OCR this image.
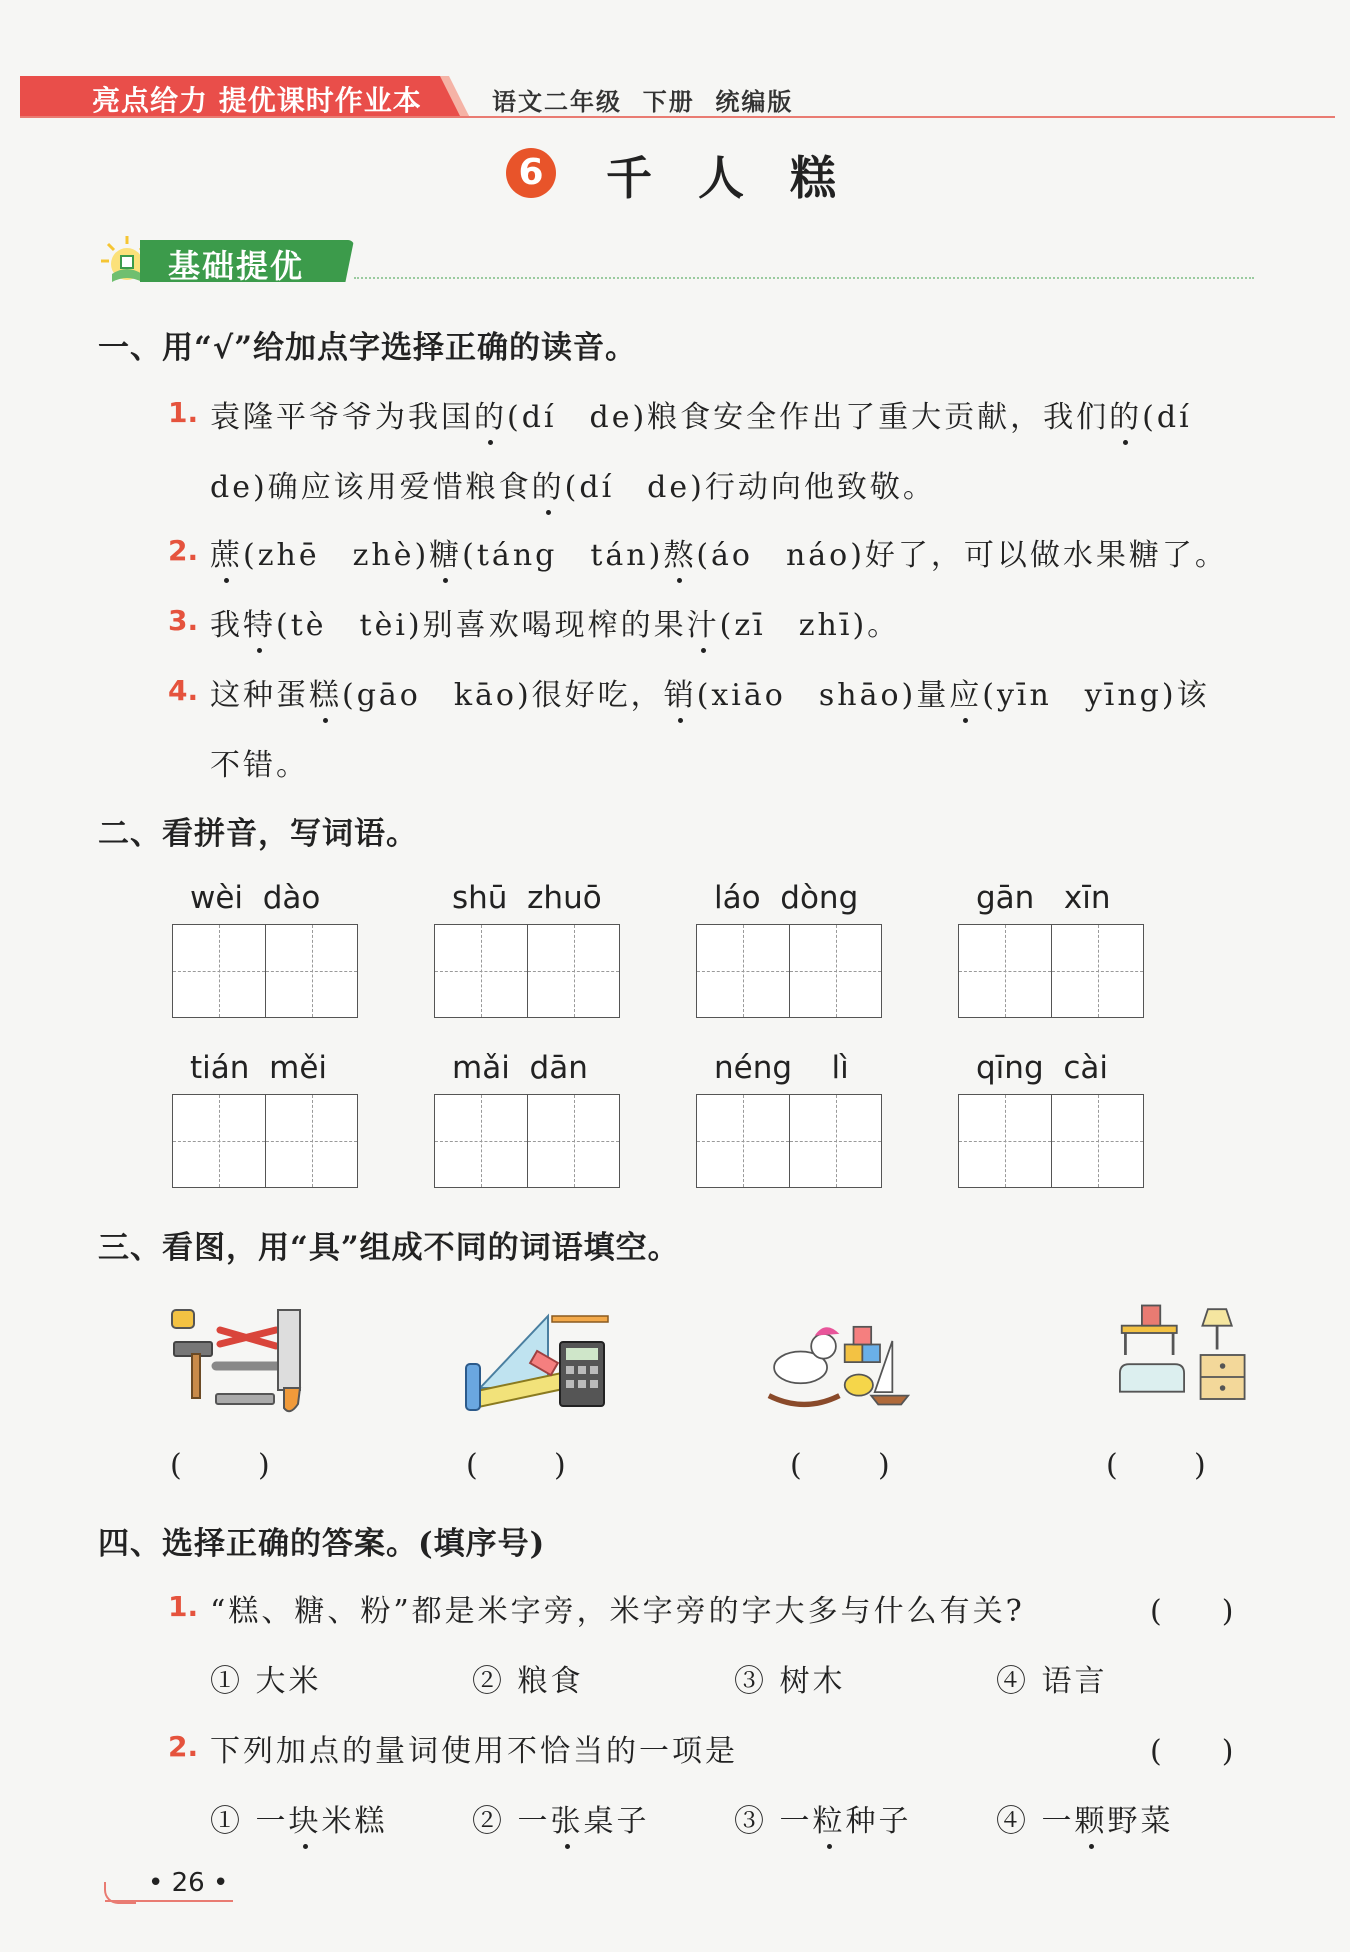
亮点给力 提优课时作业本	语文二年级  下册  统编版
6 千人糕
基础提优
一、用“√”给加点字选择正确的读音。
1. 袁隆平爷爷为我国的(dí　de)粮食安全作出了重大贡献，我们的(dí
de)确应该用爱惜粮食的(dí　de)行动向他致敬。
2. 蔗(zhē　zhè)糖(táng　tán)熬(áo　náo)好了，可以做水果糖了。
3. 我特(tè　tèi)别喜欢喝现榨的果汁(zī　zhī)。
4. 这种蛋糕(gāo　kāo)很好吃，销(xiāo　shāo)量应(yīn　yīng)该
不错。
二、看拼音，写词语。
wèi  dào	shū  zhuō	láo  dòng	gān   xīn
tián  měi	mǎi  dān	néng    lì	qīng  cài
三、看图，用“具”组成不同的词语填空。
(        )	(        )	(        )	(        )
四、选择正确的答案。(填序号)
1. “糕、糖、粉”都是米字旁，米字旁的字大多与什么有关?	(　　)
① 大米	② 粮食	③ 树木	④ 语言
2. 下列加点的量词使用不恰当的一项是	(　　)
① 一块米糕	② 一张桌子	③ 一粒种子	④ 一颗野菜
• 26 •
